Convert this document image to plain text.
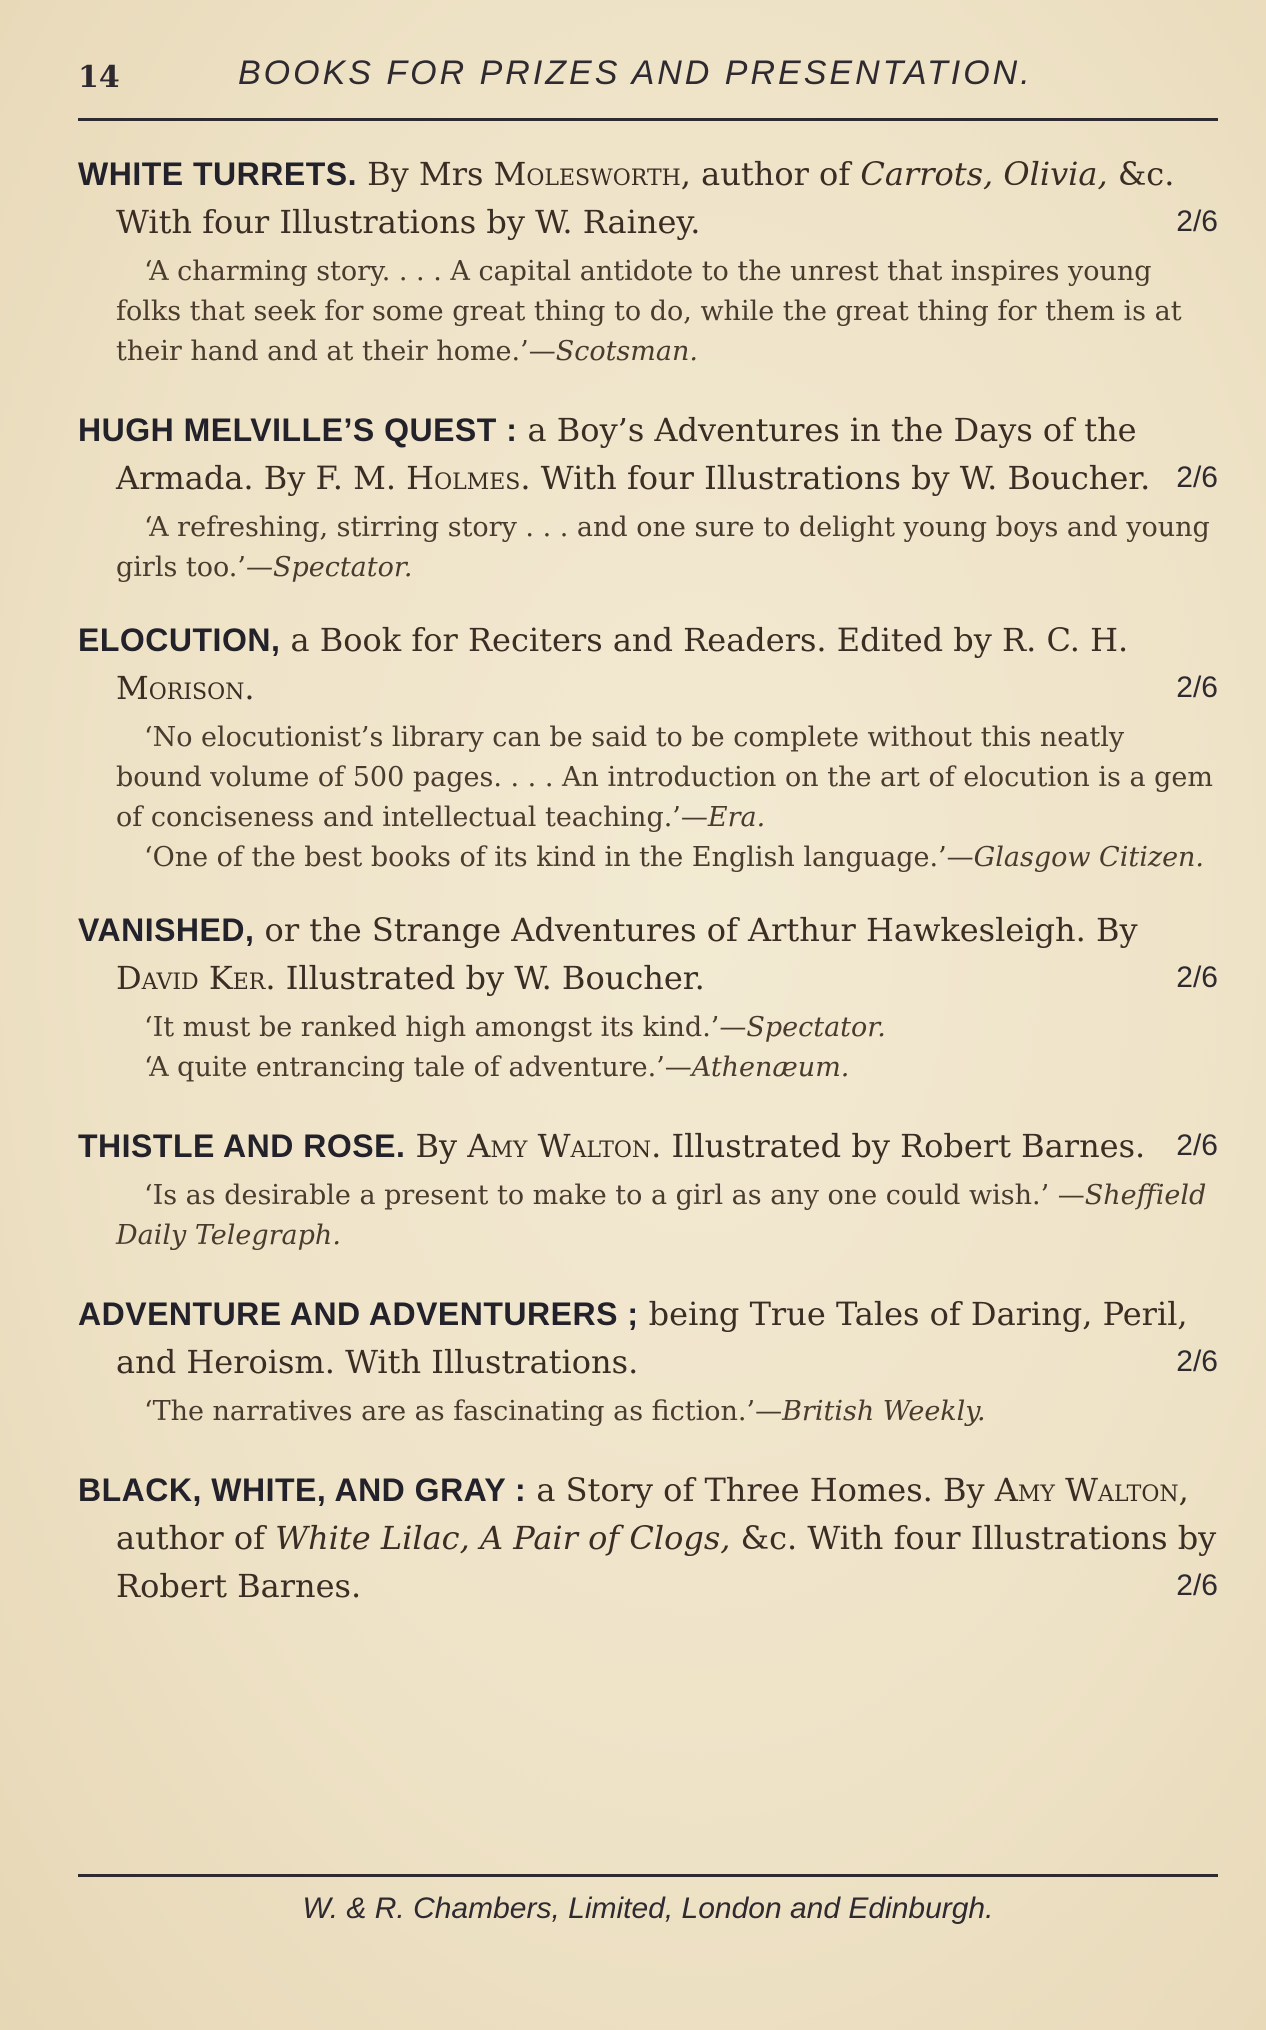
14	BOOKS FOR PRIZES AND PRESENTATION.

WHITE TURRETS. By Mrs Molesworth, author of Carrots, Olivia, &c. With four Illustrations by W. Rainey.	2/6

‘A charming story. . . . A capital antidote to the unrest that inspires young folks that seek for some great thing to do, while the great thing for them is at their hand and at their home.’—Scotsman.

HUGH MELVILLE’S QUEST : a Boy’s Adventures in the Days of the Armada. By F. M. Holmes. With four Illustrations by W. Boucher. 2/6

‘A refreshing, stirring story . . . and one sure to delight young boys and young girls too.’—Spectator.

ELOCUTION, a Book for Reciters and Readers. Edited by R. C. H. Morison.	2/6

‘No elocutionist’s library can be said to be complete without this neatly bound volume of 500 pages. . . . An introduction on the art of elocution is a gem of conciseness and intellectual teaching.’—Era.

‘One of the best books of its kind in the English language.’—Glasgow Citizen.

VANISHED, or the Strange Adventures of Arthur Hawkesleigh. By David Ker. Illustrated by W. Boucher.	2/6

‘It must be ranked high amongst its kind.’—Spectator.

‘A quite entrancing tale of adventure.’—Athenæum.

THISTLE AND ROSE. By Amy Walton. Illustrated by Robert Barnes. 2/6

‘Is as desirable a present to make to a girl as any one could wish.’ —Sheffield Daily Telegraph.

ADVENTURE AND ADVENTURERS ; being True Tales of Daring, Peril, and Heroism. With Illustrations.	2/6

‘The narratives are as fascinating as fiction.’—British Weekly.

BLACK, WHITE, AND GRAY : a Story of Three Homes. By Amy Walton, author of White Lilac, A Pair of Clogs, &c. With four Illustrations by Robert Barnes.	2/6

W. & R. Chambers, Limited, London and Edinburgh.
